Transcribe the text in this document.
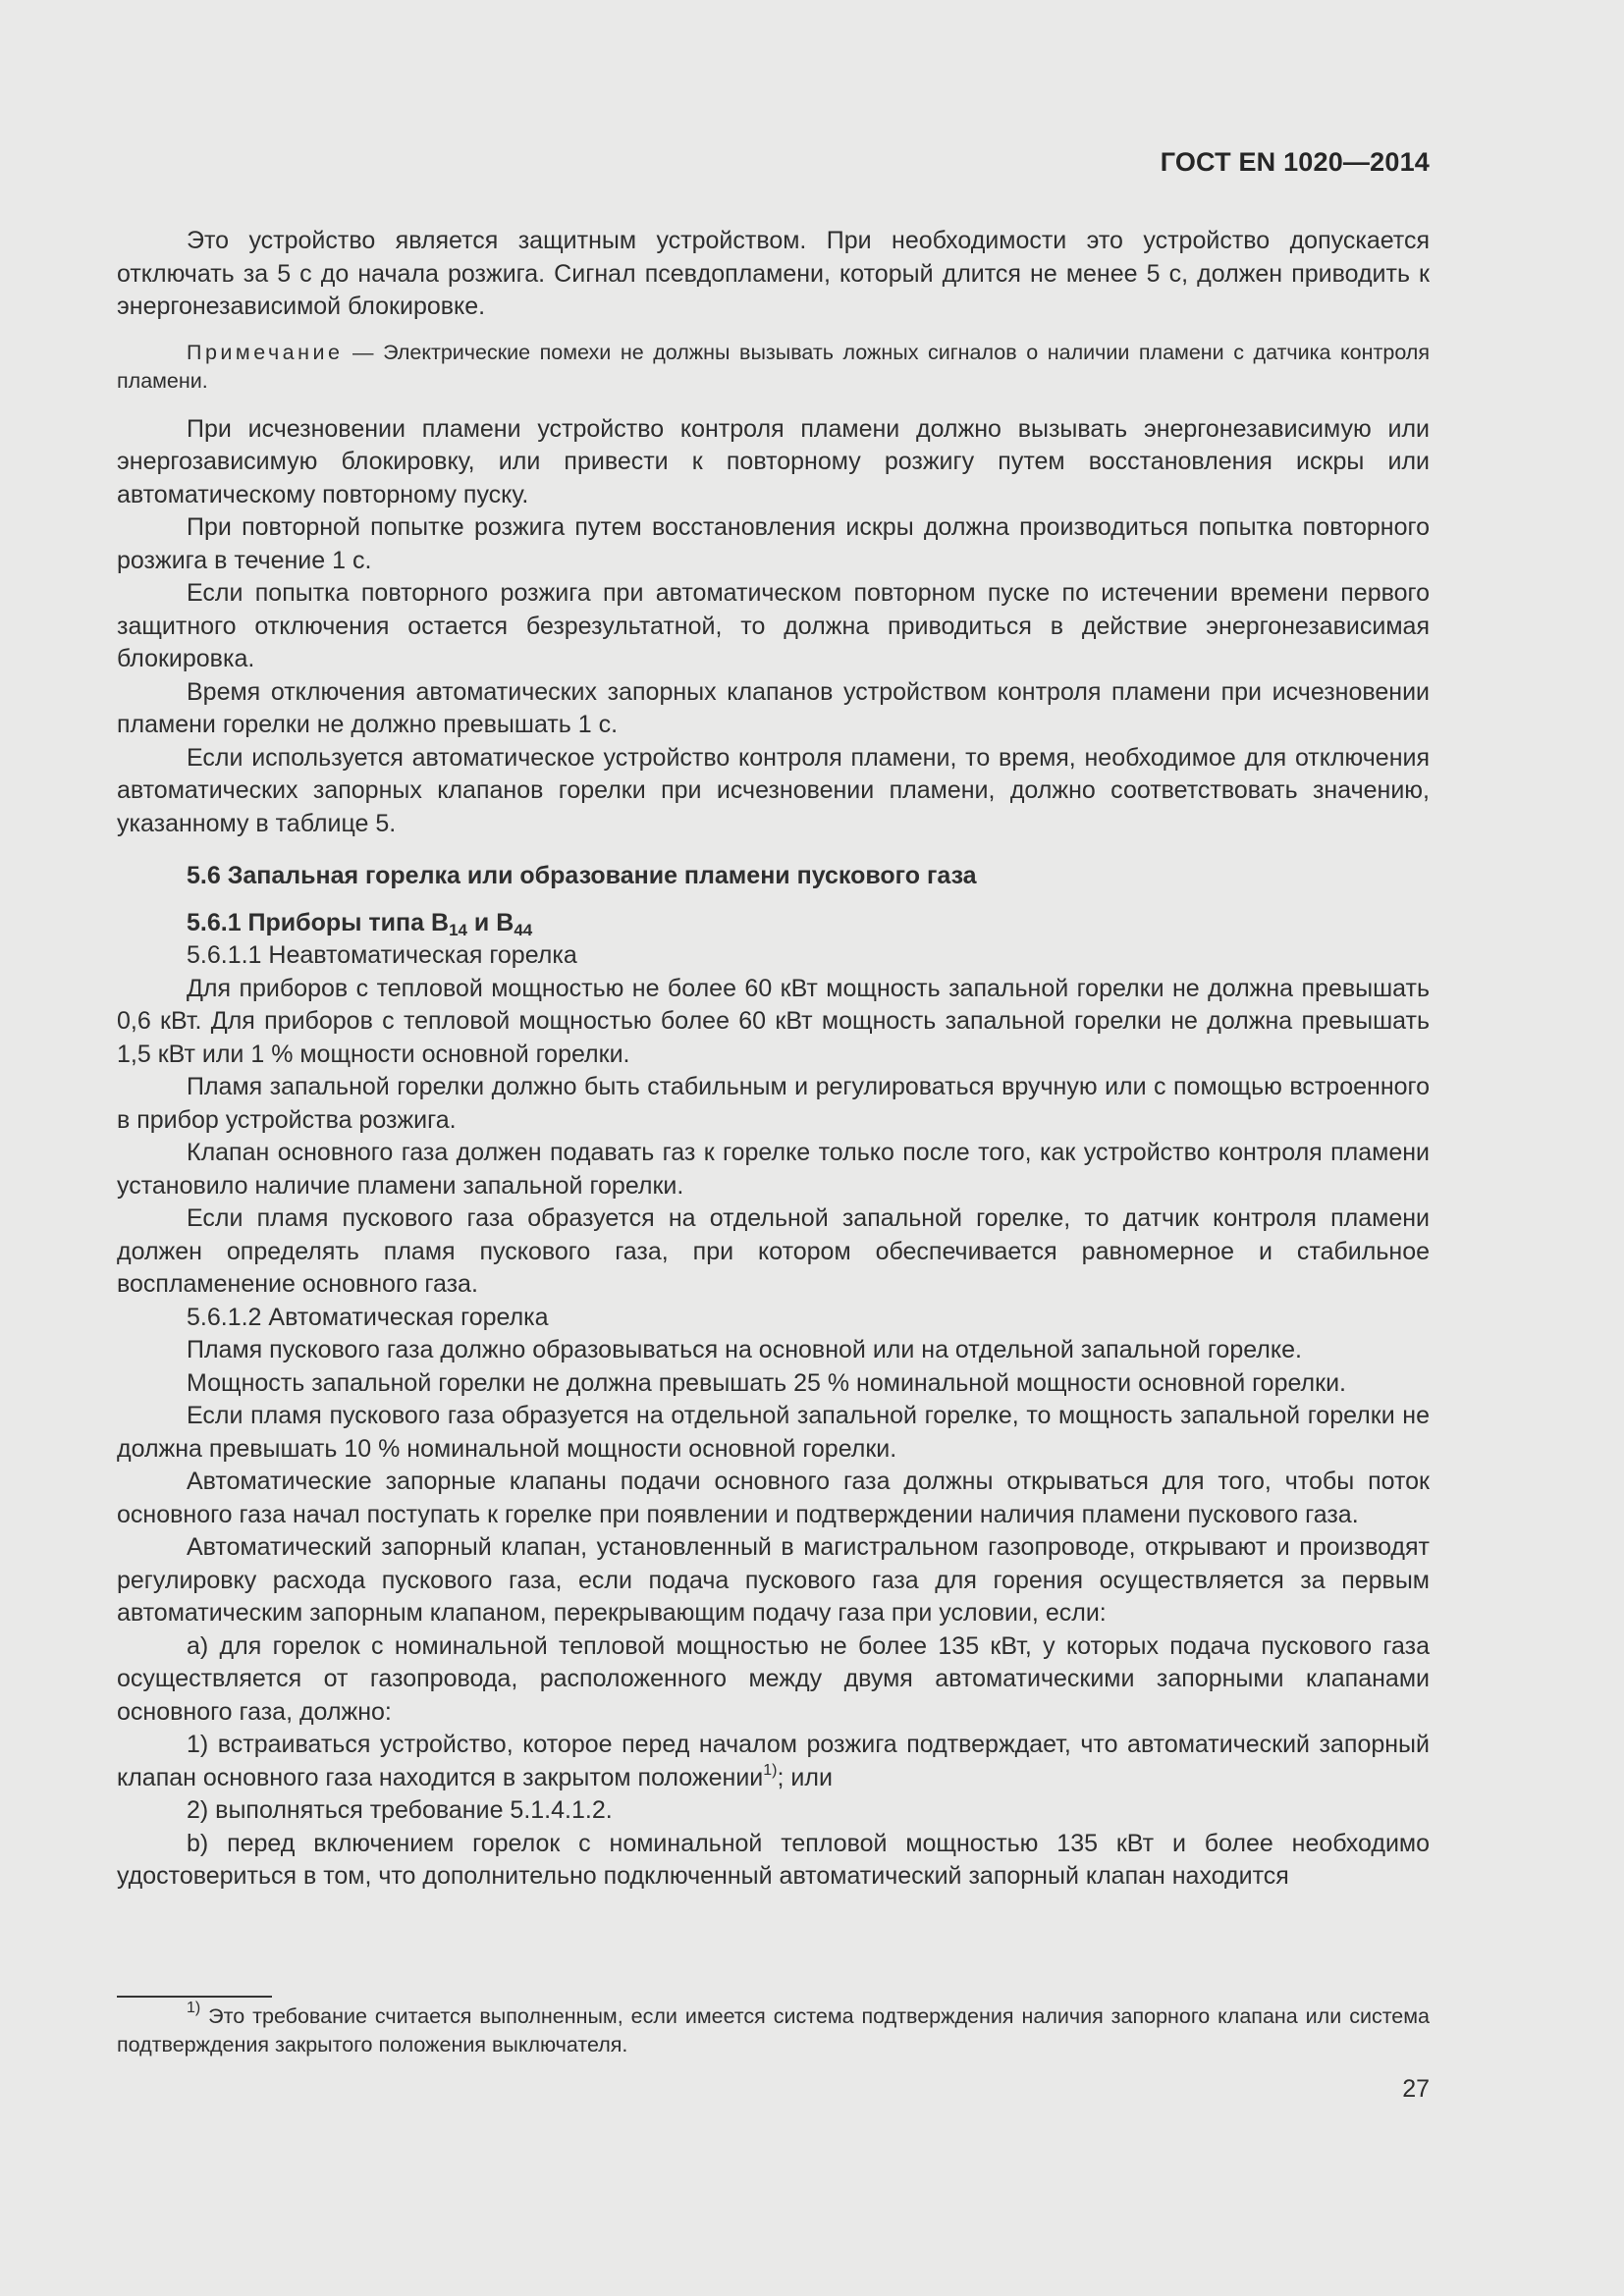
ГОСТ EN 1020—2014

Это устройство является защитным устройством. При необходимости это устройство допускается отключать за 5 с до начала розжига. Сигнал псевдопламени, который длится не менее 5 с, должен приводить к энергонезависимой блокировке.

Примечание — Электрические помехи не должны вызывать ложных сигналов о наличии пламени с датчика контроля пламени.

При исчезновении пламени устройство контроля пламени должно вызывать энергонезависимую или энергозависимую блокировку, или привести к повторному розжигу путем восстановления искры или автоматическому повторному пуску.

При повторной попытке розжига путем восстановления искры должна производиться попытка повторного розжига в течение 1 с.

Если попытка повторного розжига при автоматическом повторном пуске по истечении времени первого защитного отключения остается безрезультатной, то должна приводиться в действие энергонезависимая блокировка.

Время отключения автоматических запорных клапанов устройством контроля пламени при исчезновении пламени горелки не должно превышать 1 с.

Если используется автоматическое устройство контроля пламени, то время, необходимое для отключения автоматических запорных клапанов горелки при исчезновении пламени, должно соответствовать значению, указанному в таблице 5.

5.6 Запальная горелка или образование пламени пускового газа

5.6.1 Приборы типа $B_{14}$ и $B_{44}$

5.6.1.1 Неавтоматическая горелка

Для приборов с тепловой мощностью не более 60 кВт мощность запальной горелки не должна превышать 0,6 кВт. Для приборов с тепловой мощностью более 60 кВт мощность запальной горелки не должна превышать 1,5 кВт или 1 % мощности основной горелки.

Пламя запальной горелки должно быть стабильным и регулироваться вручную или с помощью встроенного в прибор устройства розжига.

Клапан основного газа должен подавать газ к горелке только после того, как устройство контроля пламени установило наличие пламени запальной горелки.

Если пламя пускового газа образуется на отдельной запальной горелке, то датчик контроля пламени должен определять пламя пускового газа, при котором обеспечивается равномерное и стабильное воспламенение основного газа.

5.6.1.2 Автоматическая горелка

Пламя пускового газа должно образовываться на основной или на отдельной запальной горелке.

Мощность запальной горелки не должна превышать 25 % номинальной мощности основной горелки.

Если пламя пускового газа образуется на отдельной запальной горелке, то мощность запальной горелки не должна превышать 10 % номинальной мощности основной горелки.

Автоматические запорные клапаны подачи основного газа должны открываться для того, чтобы поток основного газа начал поступать к горелке при появлении и подтверждении наличия пламени пускового газа.

Автоматический запорный клапан, установленный в магистральном газопроводе, открывают и производят регулировку расхода пускового газа, если подача пускового газа для горения осуществляется за первым автоматическим запорным клапаном, перекрывающим подачу газа при условии, если:

а) для горелок с номинальной тепловой мощностью не более 135 кВт, у которых подача пускового газа осуществляется от газопровода, расположенного между двумя автоматическими запорными клапанами основного газа, должно:

1) встраиваться устройство, которое перед началом розжига подтверждает, что автоматический запорный клапан основного газа находится в закрытом положении$^{1)}$; или

2) выполняться требование 5.1.4.1.2.

b) перед включением горелок с номинальной тепловой мощностью 135 кВт и более необходимо удостовериться в том, что дополнительно подключенный автоматический запорный клапан находится

$^{1)}$ Это требование считается выполненным, если имеется система подтверждения наличия запорного клапана или система подтверждения закрытого положения выключателя.
27
